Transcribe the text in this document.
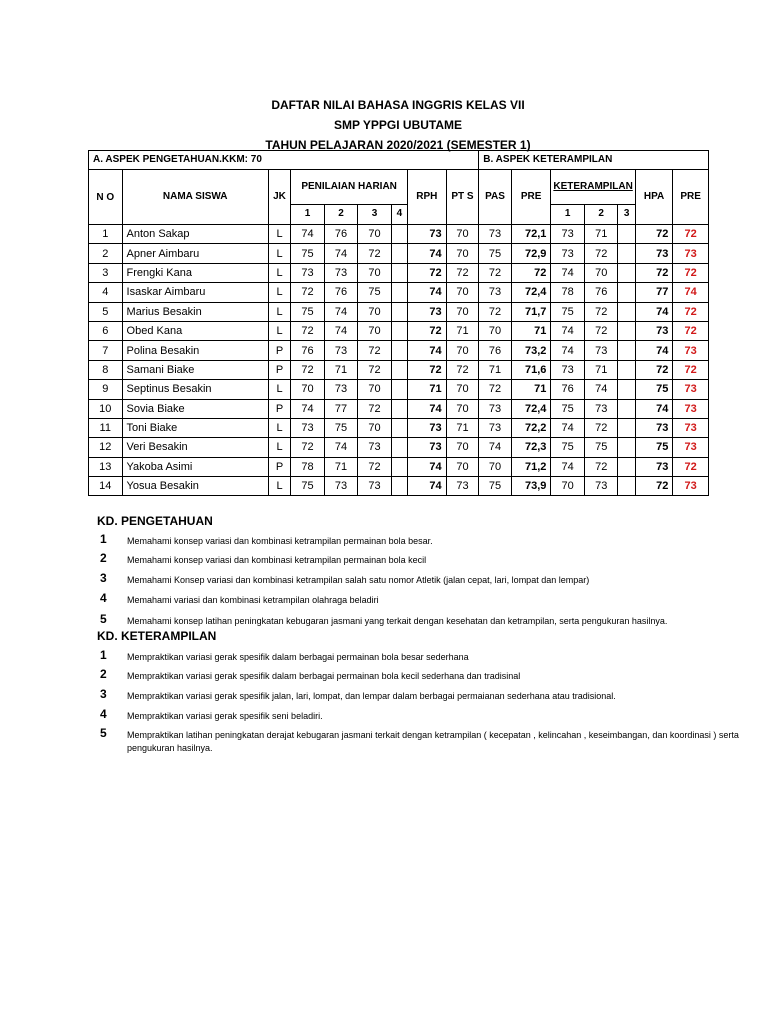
DAFTAR NILAI BAHASA INGGRIS KELAS VII
SMP YPPGI UBUTAME
TAHUN PELAJARAN 2020/2021 (SEMESTER 1)
A. ASPEK PENGETAHUAN.KKM: 70									B. ASPEK KETERAMPILAN						
N O	NAMA SISWA	JK	PENILAIAN HARIAN				RPH	PT S	PAS	PRE	KETERAMPILAN			HPA	PRE
			1	2	3	4					1	2	3		
1	Anton Sakap	L	74	76	70		73	70	73	72,1	73	71		72	72
2	Apner Aimbaru	L	75	74	72		74	70	75	72,9	73	72		73	73
3	Frengki Kana	L	73	73	70		72	72	72	72	74	70		72	72
4	Isaskar Aimbaru	L	72	76	75		74	70	73	72,4	78	76		77	74
5	Marius Besakin	L	75	74	70		73	70	72	71,7	75	72		74	72
6	Obed Kana	L	72	74	70		72	71	70	71	74	72		73	72
7	Polina Besakin	P	76	73	72		74	70	76	73,2	74	73		74	73
8	Samani Biake	P	72	71	72		72	72	71	71,6	73	71		72	72
9	Septinus Besakin	L	70	73	70		71	70	72	71	76	74		75	73
10	Sovia Biake	P	74	77	72		74	70	73	72,4	75	73		74	73
11	Toni Biake	L	73	75	70		73	71	73	72,2	74	72		73	73
12	Veri Besakin	L	72	74	73		73	70	74	72,3	75	75		75	73
13	Yakoba Asimi	P	78	71	72		74	70	70	71,2	74	72		73	72
14	Yosua Besakin	L	75	73	73		74	73	75	73,9	70	73		72	73
KD. PENGETAHUAN
1 Memahami konsep variasi dan kombinasi ketrampilan permainan bola besar.
2 Memahami konsep variasi dan kombinasi ketrampilan permainan bola kecil
3 Memahami Konsep variasi dan kombinasi ketrampilan salah satu nomor Atletik (jalan cepat, lari, lompat dan lempar)
4 Memahami variasi dan kombinasi ketrampilan olahraga beladiri
5 Memahami konsep latihan peningkatan kebugaran jasmani yang terkait dengan kesehatan dan ketrampilan, serta pengukuran hasilnya.
KD. KETERAMPILAN
1 Mempraktikan variasi gerak spesifik dalam berbagai permainan bola besar sederhana
2 Mempraktikan variasi gerak spesifik dalam berbagai permainan bola kecil sederhana dan tradisinal
3 Mempraktikan variasi gerak spesifik jalan, lari, lompat, dan lempar dalam berbagai permaianan sederhana atau tradisional.
4 Mempraktikan variasi gerak spesifik seni beladiri.
5 Mempraktikan latihan peningkatan derajat kebugaran jasmani terkait dengan ketrampilan ( kecepatan , kelincahan , keseimbangan, dan koordinasi ) serta pengukuran hasilnya.
